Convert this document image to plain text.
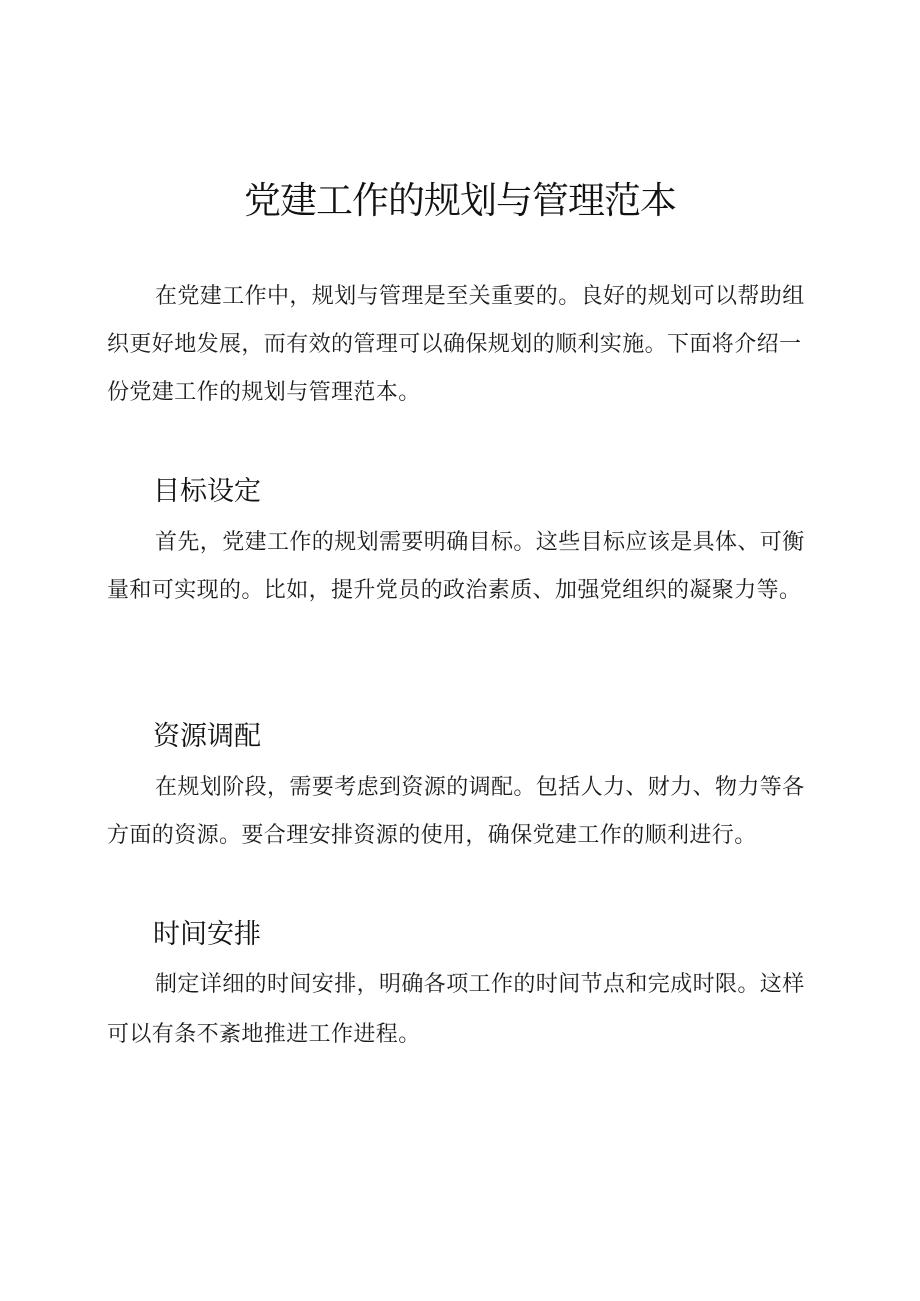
党建工作的规划与管理范本

在党建工作中，规划与管理是至关重要的。良好的规划可以帮助组织更好地发展，而有效的管理可以确保规划的顺利实施。下面将介绍一份党建工作的规划与管理范本。

目标设定

首先，党建工作的规划需要明确目标。这些目标应该是具体、可衡量和可实现的。比如，提升党员的政治素质、加强党组织的凝聚力等。

资源调配

在规划阶段，需要考虑到资源的调配。包括人力、财力、物力等各方面的资源。要合理安排资源的使用，确保党建工作的顺利进行。

时间安排

制定详细的时间安排，明确各项工作的时间节点和完成时限。这样可以有条不紊地推进工作进程。
